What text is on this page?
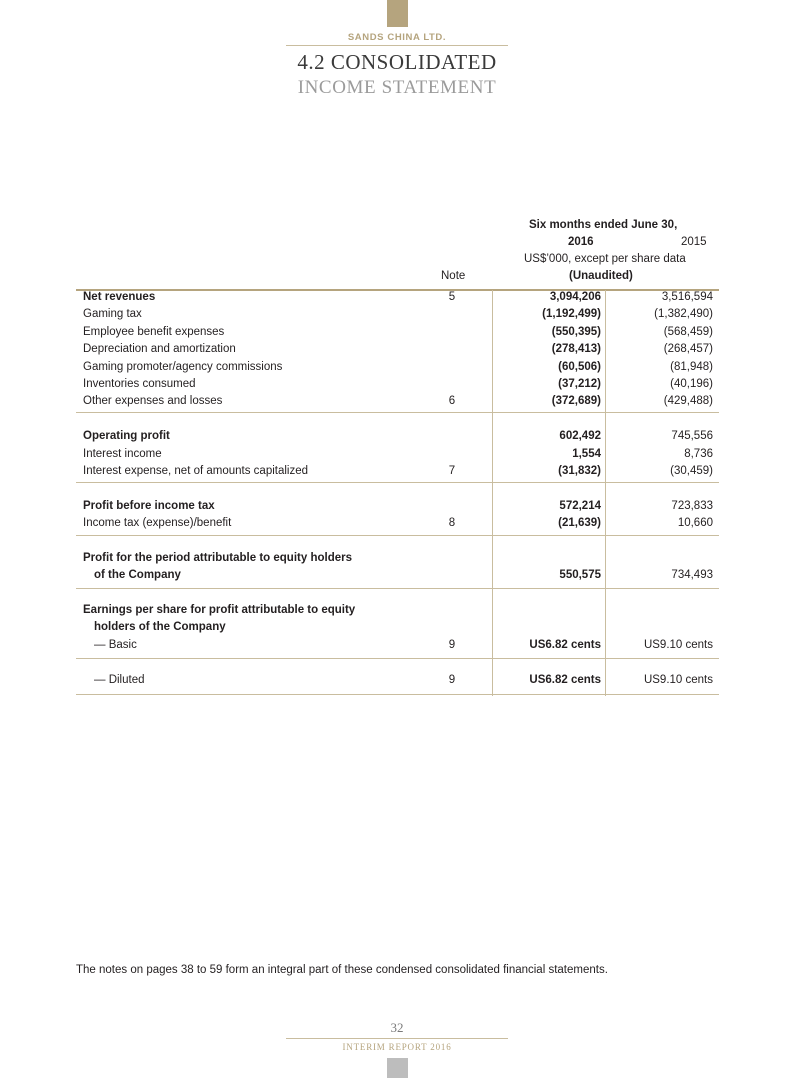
SANDS CHINA LTD.
4.2 CONSOLIDATED
INCOME STATEMENT
Six months ended June 30,
2016	2015
US$’000, except per share data
Note	(Unaudited)
Net revenues	5	3,094,206	3,516,594
Gaming tax	(1,192,499)	(1,382,490)
Employee benefit expenses	(550,395)	(568,459)
Depreciation and amortization	(278,413)	(268,457)
Gaming promoter/agency commissions	(60,506)	(81,948)
Inventories consumed	(37,212)	(40,196)
Other expenses and losses	6	(372,689)	(429,488)
Operating profit	602,492	745,556
Interest income	1,554	8,736
Interest expense, net of amounts capitalized	7	(31,832)	(30,459)
Profit before income tax	572,214	723,833
Income tax (expense)/benefit	8	(21,639)	10,660
Profit for the period attributable to equity holders
of the Company	550,575	734,493
Earnings per share for profit attributable to equity
holders of the Company
— Basic	9	US6.82 cents	US9.10 cents
— Diluted	9	US6.82 cents	US9.10 cents
The notes on pages 38 to 59 form an integral part of these condensed consolidated financial statements.
32
INTERIM REPORT 2016
